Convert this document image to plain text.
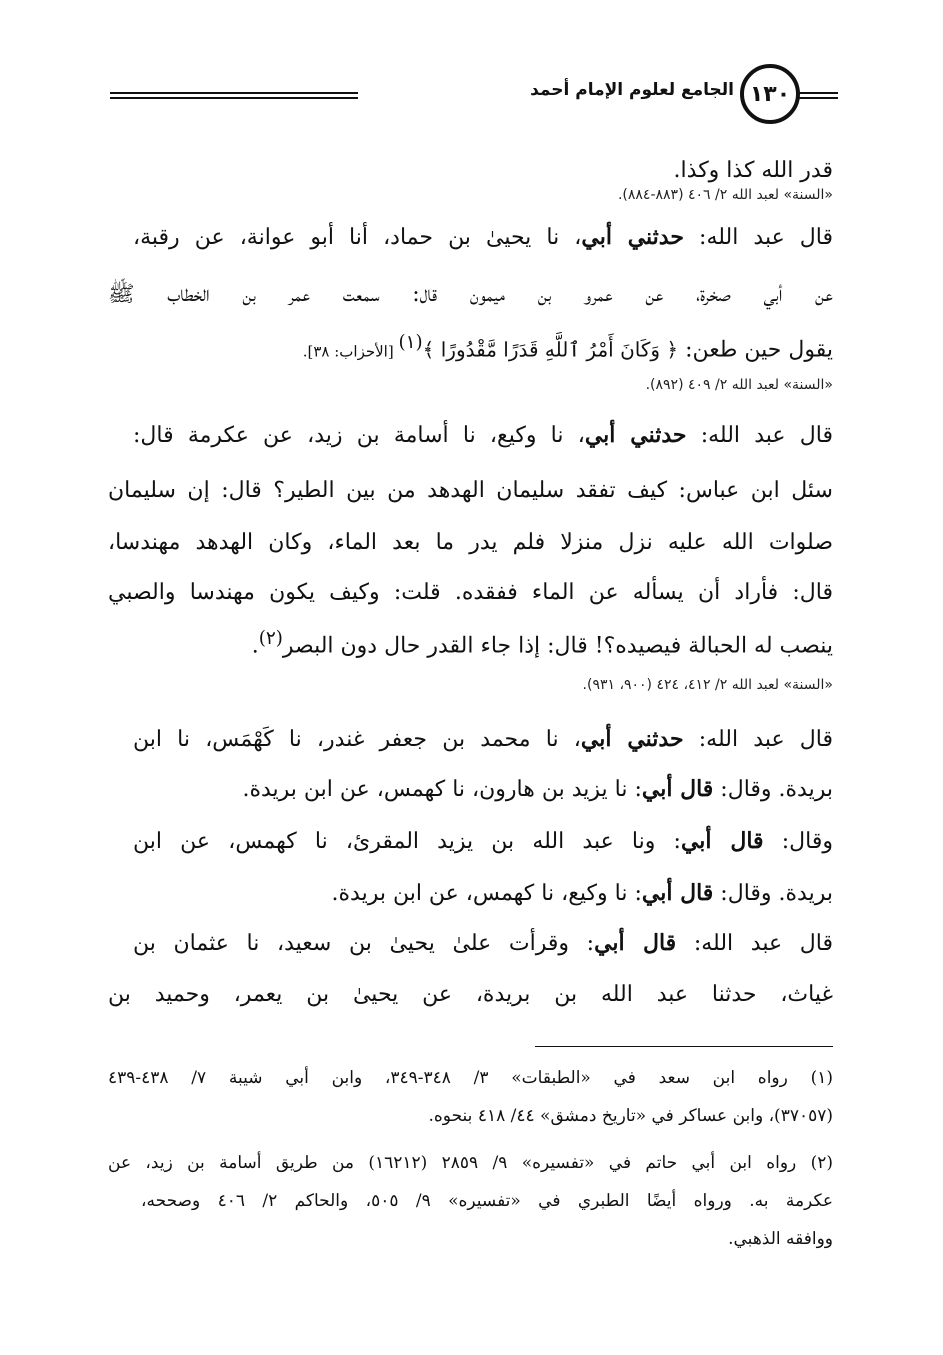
الجامع لعلوم الإمام أحمد ١٣٠
قدر الله كذا وكذا.
«السنة» لعبد الله ٢/ ٤٠٦ (٨٨٣-٨٨٤).
قال عبد الله: حدثني أبي، نا يحيىٰ بن حماد، أنا أبو عوانة، عن رقبة،
عن أبي صخرة، عن عمرو بن ميمون قال: سمعت عمر بن الخطاب ﷺ
يقول حين طعن: ﴿ وَكَانَ أَمْرُ ٱللَّهِ قَدَرًا مَّقْدُورًا ﴾$^{(١)}$ [الأحزاب: ٣٨].
«السنة» لعبد الله ٢/ ٤٠٩ (٨٩٢).
قال عبد الله: حدثني أبي، نا وكيع، نا أسامة بن زيد، عن عكرمة قال:
سئل ابن عباس: كيف تفقد سليمان الهدهد من بين الطير؟ قال: إن سليمان
صلوات الله عليه نزل منزلا فلم يدر ما بعد الماء، وكان الهدهد مهندسا،
قال: فأراد أن يسأله عن الماء ففقده. قلت: وكيف يكون مهندسا والصبي
ينصب له الحبالة فيصيده؟! قال: إذا جاء القدر حال دون البصر$^{(٢)}$.
«السنة» لعبد الله ٢/ ٤١٢، ٤٢٤ (٩٠٠، ٩٣١).
قال عبد الله: حدثني أبي، نا محمد بن جعفر غندر، نا كَهْمَس، نا ابن
بريدة. وقال: قال أبي: نا يزيد بن هارون، نا كهمس، عن ابن بريدة.
وقال: قال أبي: ونا عبد الله بن يزيد المقرئ، نا كهمس، عن ابن
بريدة. وقال: قال أبي: نا وكيع، نا كهمس، عن ابن بريدة.
قال عبد الله: قال أبي: وقرأت علىٰ يحيىٰ بن سعيد، نا عثمان بن
غياث، حدثنا عبد الله بن بريدة، عن يحيىٰ بن يعمر، وحميد بن
(١) رواه ابن سعد في «الطبقات» ٣/ ٣٤٨-٣٤٩، وابن أبي شيبة ٧/ ٤٣٨-٤٣٩
(٣٧٠٥٧)، وابن عساكر في «تاريخ دمشق» ٤٤/ ٤١٨ بنحوه.
(٢) رواه ابن أبي حاتم في «تفسيره» ٩/ ٢٨٥٩ (١٦٢١٢) من طريق أسامة بن زيد، عن
عكرمة به. ورواه أيضًا الطبري في «تفسيره» ٩/ ٥٠٥، والحاكم ٢/ ٤٠٦ وصححه،
ووافقه الذهبي.
